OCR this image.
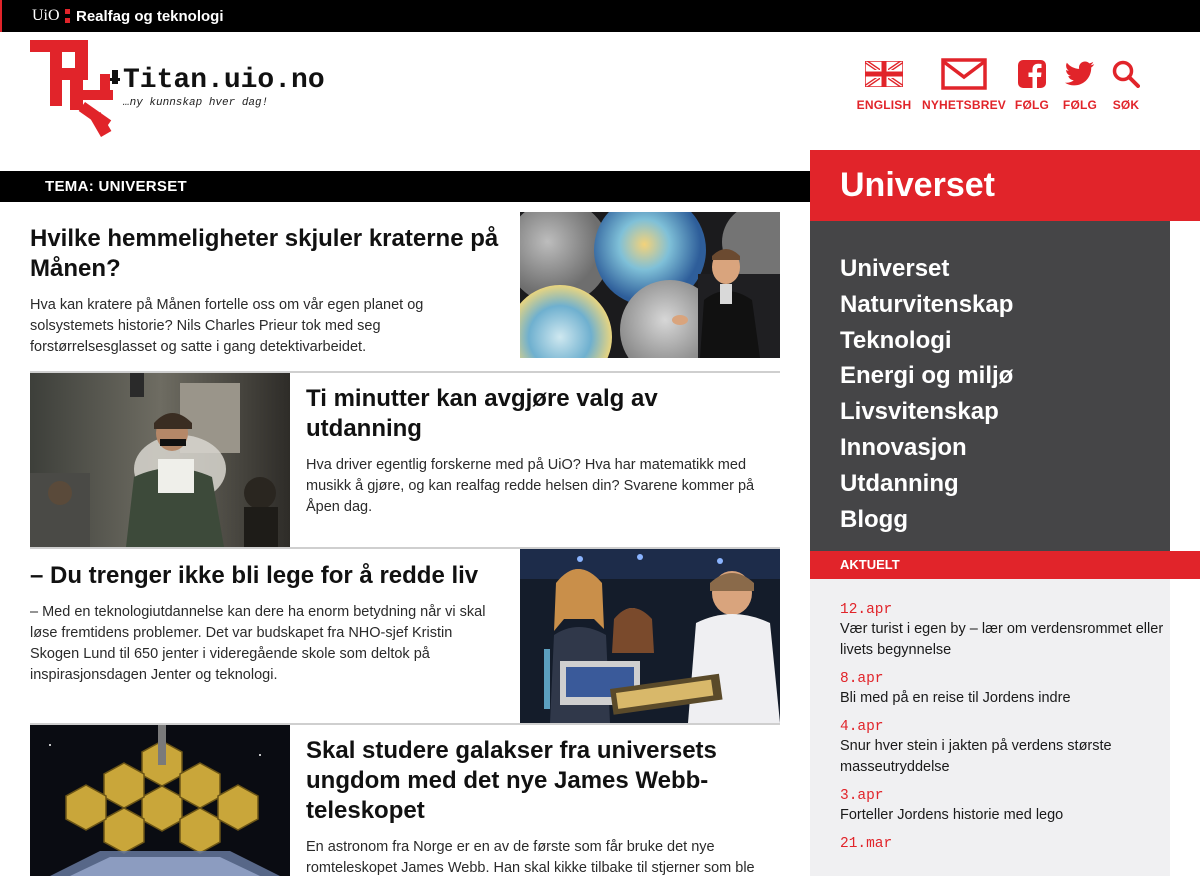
UiO Realfag og teknologi
Titan.uio.no
…ny kunnskap hver dag!	ENGLISH NYHETSBREV FØLG	FØLG	SØK
TEMA: UNIVERSET
Hvilke hemmeligheter skjuler kraterne på Månen?
Hva kan kratere på Månen fortelle oss om vår egen planet og solsystemets historie? Nils Charles Prieur tok med seg forstørrelsesglasset og satte i gang detektivarbeidet.
Ti minutter kan avgjøre valg av utdanning
Hva driver egentlig forskerne med på UiO? Hva har matematikk med musikk å gjøre, og kan realfag redde helsen din? Svarene kommer på Åpen dag.
– Du trenger ikke bli lege for å redde liv
– Med en teknologiutdannelse kan dere ha enorm betydning når vi skal løse fremtidens problemer. Det var budskapet fra NHO-sjef Kristin Skogen Lund til 650 jenter i videregående skole som deltok på inspirasjonsdagen Jenter og teknologi.
Skal studere galakser fra universets ungdom med det nye James Webb-teleskopet
En astronom fra Norge er en av de første som får bruke det nye romteleskopet James Webb. Han skal kikke tilbake til stjerner som ble
Universet
Universet
Naturvitenskap
Teknologi
Energi og miljø
Livsvitenskap
Innovasjon
Utdanning
Blogg
AKTUELT
12.apr
Vær turist i egen by – lær om verdensrommet eller livets begynnelse
8.apr
Bli med på en reise til Jordens indre
4.apr
Snur hver stein i jakten på verdens største masseutryddelse
3.apr
Forteller Jordens historie med lego
21.mar
